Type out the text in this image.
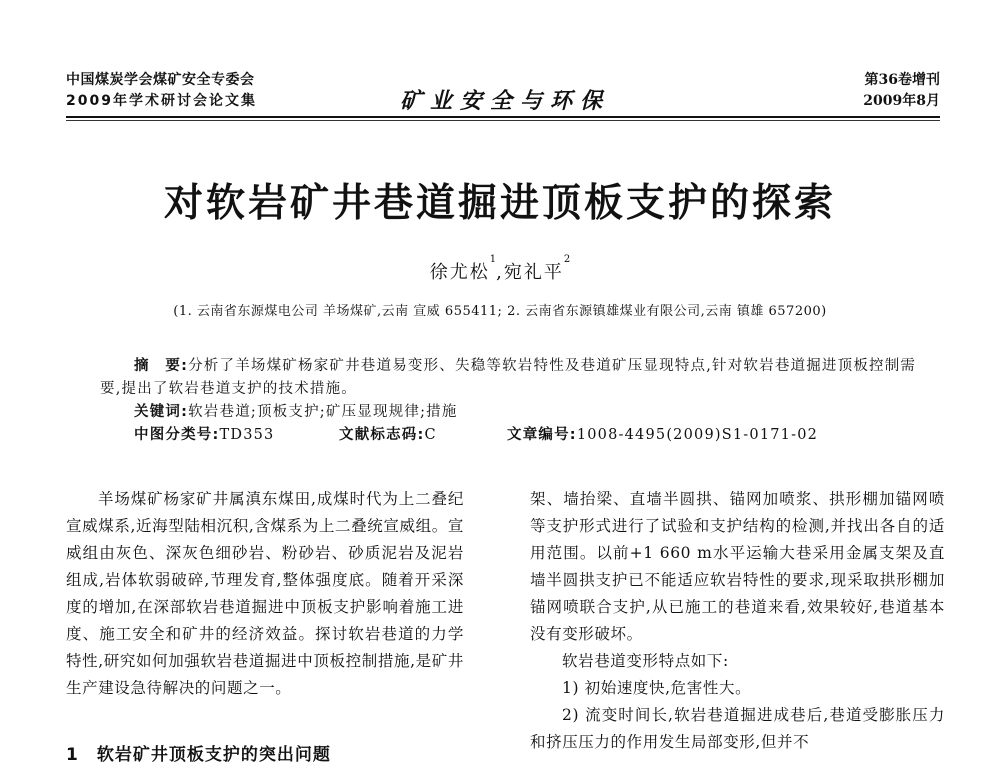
中国煤炭学会煤矿安全专委会
2009年学术研讨会论文集	矿业安全与环保
第36卷增刊
2009年8月
对软岩矿井巷道掘进顶板支护的探索
徐尤松$^1$,宛礼平$^2$
(1. 云南省东源煤电公司 羊场煤矿,云南 宣威 655411; 2. 云南省东源镇雄煤业有限公司,云南 镇雄 657200)

摘　要:分析了羊场煤矿杨家矿井巷道易变形、失稳等软岩特性及巷道矿压显现特点,针对软岩巷道掘进顶板控制需要,提出了软岩巷道支护的技术措施。

关键词:软岩巷道;顶板支护;矿压显现规律;措施

中图分类号:TD353	文献标志码:C	文章编号:1008-4495(2009)S1-0171-02

羊场煤矿杨家矿井属滇东煤田,成煤时代为上二叠纪宣威煤系,近海型陆相沉积,含煤系为上二叠统宣威组。宣威组由灰色、深灰色细砂岩、粉砂岩、砂质泥岩及泥岩组成,岩体软弱破碎,节理发育,整体强度底。随着开采深度的增加,在深部软岩巷道掘进中顶板支护影响着施工进度、施工安全和矿井的经济效益。探讨软岩巷道的力学特性,研究如何加强软岩巷道掘进中顶板控制措施,是矿井生产建设急待解决的问题之一。

1 软岩矿井顶板支护的突出问题

架、墙抬梁、直墙半圆拱、锚网加喷浆、拱形棚加锚网喷等支护形式进行了试验和支护结构的检测,并找出各自的适用范围。以前+1 660 m水平运输大巷采用金属支架及直墙半圆拱支护已不能适应软岩特性的要求,现采取拱形棚加锚网喷联合支护,从已施工的巷道来看,效果较好,巷道基本没有变形破坏。

软岩巷道变形特点如下:

1) 初始速度快,危害性大。

2) 流变时间长,软岩巷道掘进成巷后,巷道受膨胀压力和挤压压力的作用发生局部变形,但并不
